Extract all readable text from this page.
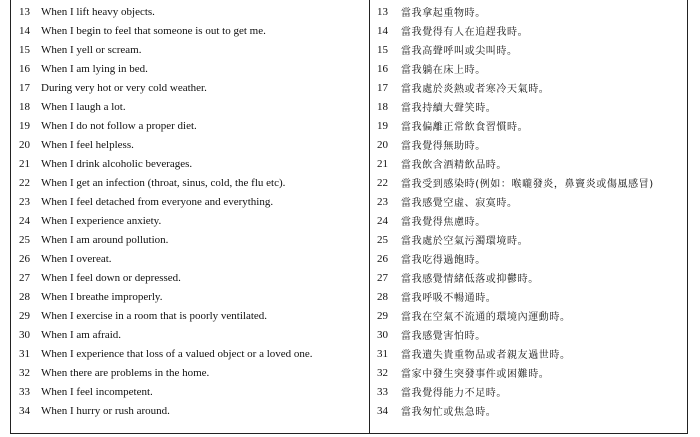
13	When I lift heavy objects.
14	When I begin to feel that someone is out to get me.
15	When I yell or scream.
16	When I am lying in bed.
17	During very hot or very cold weather.
18	When I laugh a lot.
19	When I do not follow a proper diet.
20	When I feel helpless.
21	When I drink alcoholic beverages.
22	When I get an infection (throat, sinus, cold, the flu etc).
23	When I feel detached from everyone and everything.
24	When I experience anxiety.
25	When I am around pollution.
26	When I overeat.
27	When I feel down or depressed.
28	When I breathe improperly.
29	When I exercise in a room that is poorly ventilated.
30	When I am afraid.
31	When I experience that loss of a valued object or a loved one.
32	When there are problems in the home.
33	When I feel incompetent.
34	When I hurry or rush around.
13	當我拿起重物時。
14	當我覺得有人在追趕我時。
15	當我高聲呼叫或尖叫時。
16	當我躺在床上時。
17	當我處於炎熱或者寒冷天氣時。
18	當我持續大聲笑時。
19	當我偏離正常飲食習慣時。
20	當我覺得無助時。
21	當我飲含酒精飲品時。
22	當我受到感染時(例如：喉嚨發炎，鼻竇炎或傷風感冒)
23	當我感覺空虛、寂寞時。
24	當我覺得焦慮時。
25	當我處於空氣污濁環境時。
26	當我吃得過飽時。
27	當我感覺情緒低落或抑鬱時。
28	當我呼吸不暢通時。
29	當我在空氣不流通的環境內運動時。
30	當我感覺害怕時。
31	當我遺失貴重物品或者親友過世時。
32	當家中發生突發事件或困難時。
33	當我覺得能力不足時。
34	當我匆忙或焦急時。
